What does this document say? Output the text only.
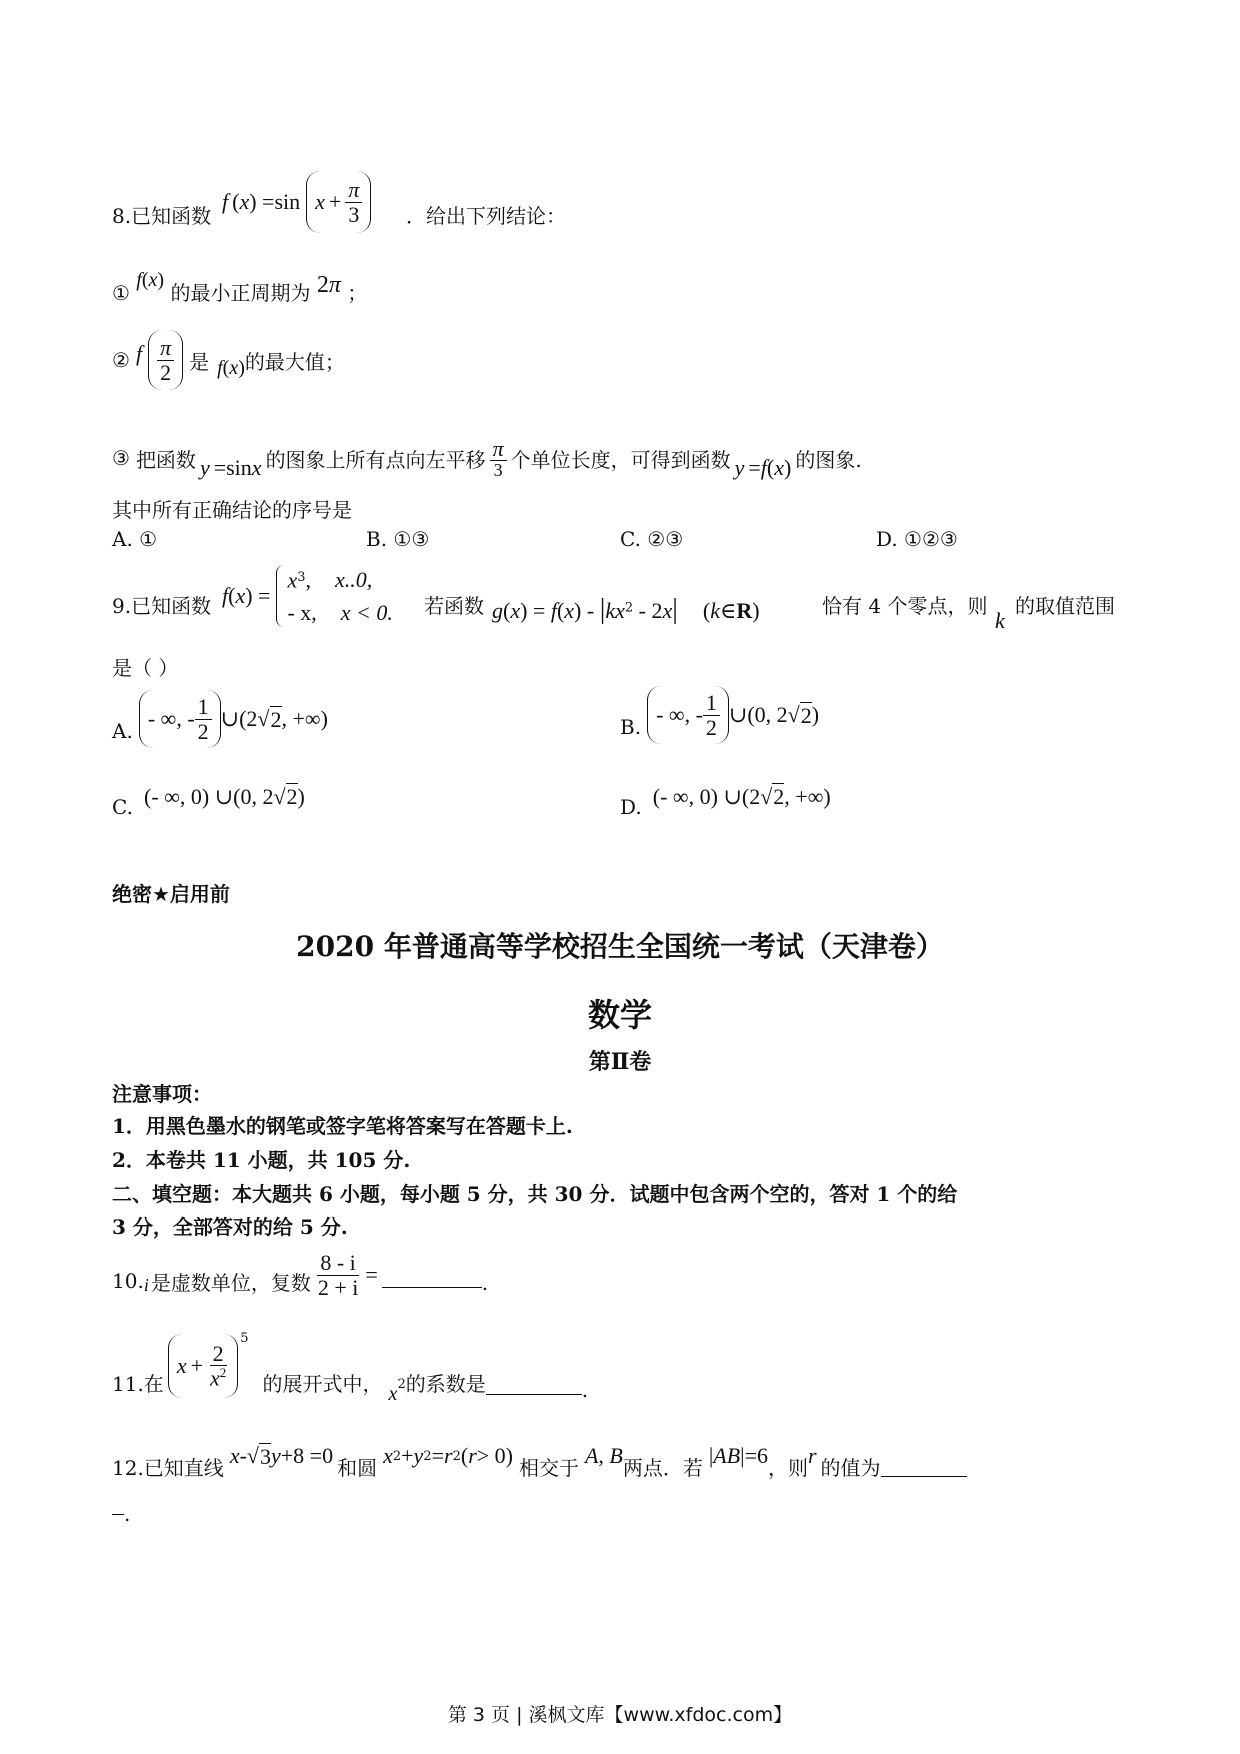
8.已知函数
f ( x ) =sin $x + \frac{\pi}{3}$ ．给出下列结论：
① f(x) 的最小正周期为 2π ；
② f $\frac{\pi}{2}$ 是 f ( x ) 的最大值；
③ 把函数 y =sin x 的图象上所有点向左平移 $\frac{\pi}{3}$ 个单位长度，可得到函数 y = f ( x ) 的图象.
其中所有正确结论的序号是
A. ①	B. ①③	C. ②③	D. ①②③
9.已知函数 f ( x ) =
$x^3$, x..0,
- x, x < 0. 若函数 $g(x) = f(x) - |kx^2 - 2x|$ (k∈R)	恰有 4 个零点，则
k
的取值范围
是（ ）
A. - ∞, - $\frac{1}{2}$ ∪(2 √ 2 , +∞)	B. - ∞, - $\frac{1}{2}$ ∪(0, 2 √ 2 )
C. (- ∞, 0) ∪(0, 2√2)	D. (- ∞, 0) ∪(2√2, +∞)
绝密★启用前
2020 年普通高等学校招生全国统一考试（天津卷）
数学
第Ⅱ卷
注意事项：
1．用黑色墨水的钢笔或签字笔将答案写在答题卡上.
2．本卷共 11 小题，共 105 分.
二、填空题：本大题共 6 小题，每小题 5 分，共 30 分．试题中包含两个空的，答对 1 个的给
3 分，全部答对的给 5 分.
10. i 是虚数单位，复数 $\frac{8 - i}{2 + i}$ =	.
11.在
$x + \frac{2}{x^2}$
5
的展开式中， x 2 的系数是	.
12.已知直线 x - √ 3 y +8 =0 和圆 x 2 + y 2 = r 2 ( r > 0) 相交于 A, B 两点．若 | AB |=6 ，则 r 的值为
.
第 3 页 | 溪枫文库【www.xfdoc.com】
